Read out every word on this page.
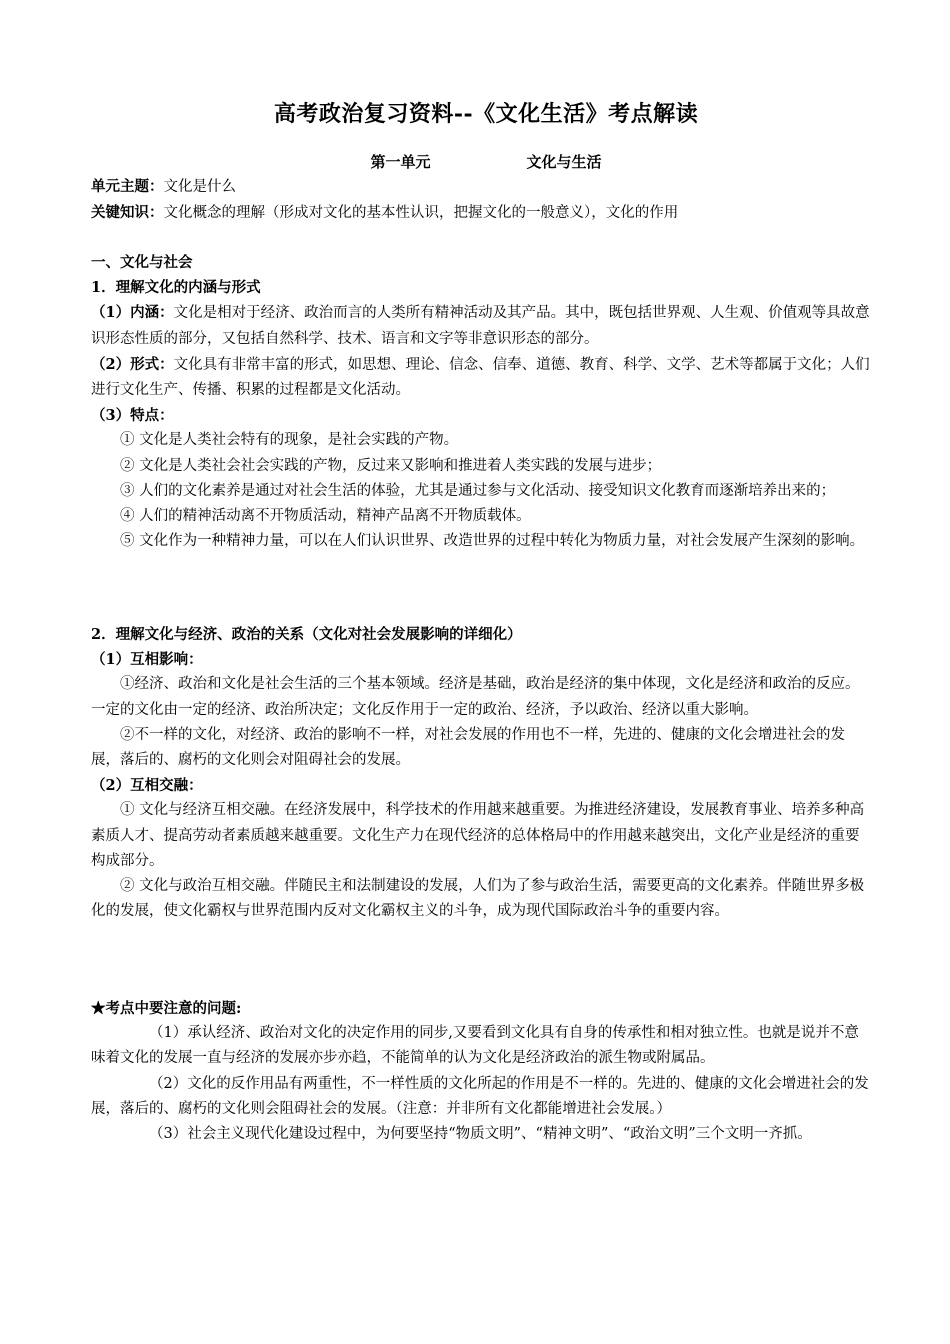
高考政治复习资料--《文化生活》考点解读
第一单元	文化与生活

单元主题：文化是什么

关键知识：文化概念的理解（形成对文化的基本性认识，把握文化的一般意义），文化的作用

一、文化与社会

1．理解文化的内涵与形式

（1）内涵：文化是相对于经济、政治而言的人类所有精神活动及其产品。其中，既包括世界观、人生观、价值观等具故意识形态性质的部分，又包括自然科学、技术、语言和文字等非意识形态的部分。

（2）形式：文化具有非常丰富的形式，如思想、理论、信念、信奉、道德、教育、科学、文学、艺术等都属于文化；人们进行文化生产、传播、积累的过程都是文化活动。

（3）特点：

① 文化是人类社会特有的现象，是社会实践的产物。

② 文化是人类社会社会实践的产物，反过来又影响和推进着人类实践的发展与进步；

③ 人们的文化素养是通过对社会生活的体验，尤其是通过参与文化活动、接受知识文化教育而逐渐培养出来的；

④ 人们的精神活动离不开物质活动，精神产品离不开物质载体。

⑤ 文化作为一种精神力量，可以在人们认识世界、改造世界的过程中转化为物质力量，对社会发展产生深刻的影响。

2．理解文化与经济、政治的关系（文化对社会发展影响的详细化）

（1）互相影响：

①经济、政治和文化是社会生活的三个基本领域。经济是基础，政治是经济的集中体现，文化是经济和政治的反应。一定的文化由一定的经济、政治所决定；文化反作用于一定的政治、经济，予以政治、经济以重大影响。

②不一样的文化，对经济、政治的影响不一样，对社会发展的作用也不一样，先进的、健康的文化会增进社会的发展，落后的、腐朽的文化则会对阻碍社会的发展。

（2）互相交融：

① 文化与经济互相交融。在经济发展中，科学技术的作用越来越重要。为推进经济建设，发展教育事业、培养多种高素质人才、提高劳动者素质越来越重要。文化生产力在现代经济的总体格局中的作用越来越突出，文化产业是经济的重要构成部分。

② 文化与政治互相交融。伴随民主和法制建设的发展，人们为了参与政治生活，需要更高的文化素养。伴随世界多极化的发展，使文化霸权与世界范围内反对文化霸权主义的斗争，成为现代国际政治斗争的重要内容。

★考点中要注意的问题:

（1）承认经济、政治对文化的决定作用的同步,又要看到文化具有自身的传承性和相对独立性。也就是说并不意味着文化的发展一直与经济的发展亦步亦趋，不能简单的认为文化是经济政治的派生物或附属品。

（2）文化的反作用品有两重性，不一样性质的文化所起的作用是不一样的。先进的、健康的文化会增进社会的发展，落后的、腐朽的文化则会阻碍社会的发展。（注意：并非所有文化都能增进社会发展。）

（3）社会主义现代化建设过程中，为何要坚持“物质文明”、“精神文明”、“政治文明”三个文明一齐抓。
